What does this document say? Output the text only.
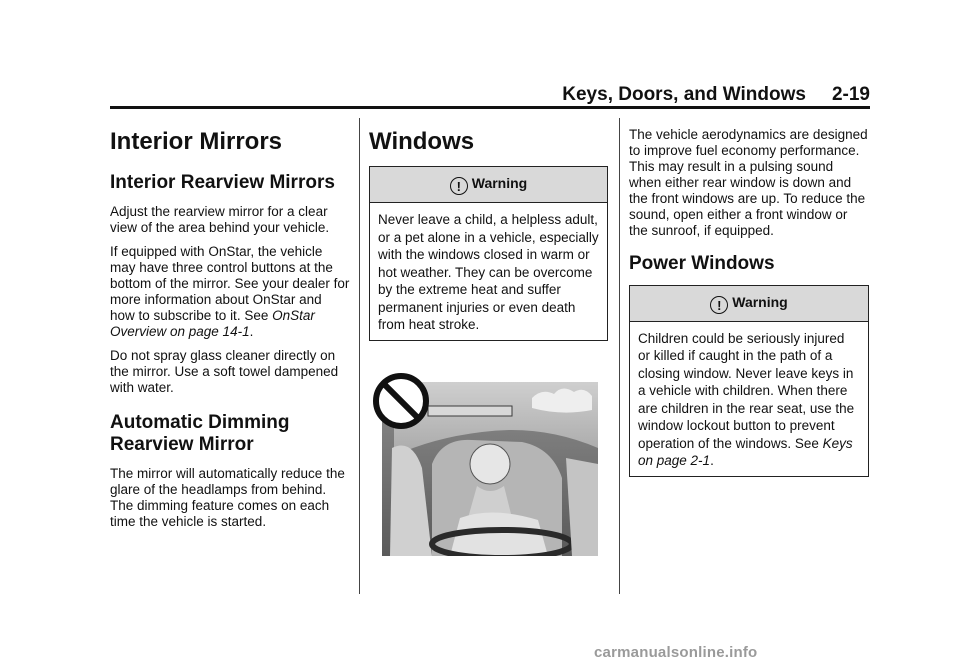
Keys, Doors, and Windows 2-19
Interior Mirrors
Interior Rearview Mirrors

Adjust the rearview mirror for a clear view of the area behind your vehicle.

If equipped with OnStar, the vehicle may have three control buttons at the bottom of the mirror. See your dealer for more information about OnStar and how to subscribe to it. See OnStar Overview on page 14-1.

Do not spray glass cleaner directly on the mirror. Use a soft towel dampened with water.

Automatic Dimming Rearview Mirror

The mirror will automatically reduce the glare of the headlamps from behind. The dimming feature comes on each time the vehicle is started.

Windows
! Warning
Never leave a child, a helpless adult, or a pet alone in a vehicle, especially with the windows closed in warm or hot weather. They can be overcome by the extreme heat and suffer permanent injuries or even death from heat stroke.

The vehicle aerodynamics are designed to improve fuel economy performance. This may result in a pulsing sound when either rear window is down and the front windows are up. To reduce the sound, open either a front window or the sunroof, if equipped.

Power Windows
! Warning
Children could be seriously injured or killed if caught in the path of a closing window. Never leave keys in a vehicle with children. When there are children in the rear seat, use the window lockout button to prevent operation of the windows. See Keys on page 2-1.
carmanualsonline.info
